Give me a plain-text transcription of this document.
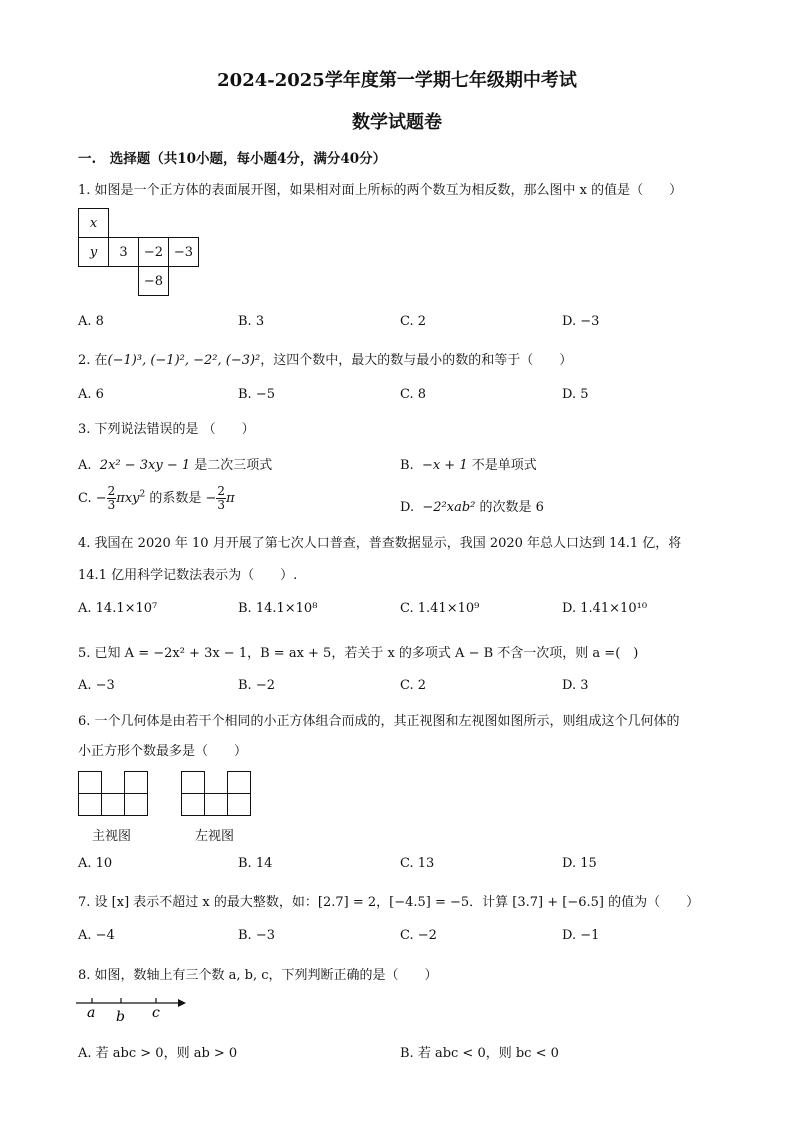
2024-2025学年度第一学期七年级期中考试
数学试题卷
一.　选择题（共10小题，每小题4分，满分40分）
1. 如图是一个正方体的表面展开图，如果相对面上所标的两个数互为相反数，那么图中 x 的值是（　　）
x			
y	3	−2	−3
		−8	
A. 8	B. 3	C. 2	D. −3
2. 在(−1)³, (−1)², −2², (−3)²，这四个数中，最大的数与最小的数的和等于（　　）
A. 6	B. −5	C. 8	D. 5
3. 下列说法错误的是 （　　）
A.  2x² − 3xy − 1 是二次三项式	B.  −x + 1 不是单项式
C. − $\frac{2}{3} \pi xy^2$ 的系数是 − $\frac{2}{3}$ π
D.  −2²xab² 的次数是 6
4. 我国在 2020 年 10 月开展了第七次人口普查，普查数据显示，我国 2020 年总人口达到 14.1 亿，将
14.1 亿用科学记数法表示为（　　）.
A. 14.1×10⁷	B. 14.1×10⁸	C. 1.41×10⁹	D. 1.41×10¹⁰
5. 已知 A = −2x² + 3x − 1，B = ax + 5，若关于 x 的多项式 A − B 不含一次项，则 a =(　)
A. −3	B. −2	C. 2	D. 3
6. 一个几何体是由若干个相同的小正方体组合而成的，其正视图和左视图如图所示，则组成这个几何体的
小正方形个数最多是（　　）

主视图	左视图
A. 10	B. 14	C. 13	D. 15
7. 设 [x] 表示不超过 x 的最大整数，如：[2.7] = 2，[−4.5] = −5．计算 [3.7] + [−6.5] 的值为（　　）
A. −4	B. −3	C. −2	D. −1
8. 如图，数轴上有三个数 a, b, c，下列判断正确的是（　　）
a b c
A. 若 abc > 0，则 ab > 0	B. 若 abc < 0，则 bc < 0
